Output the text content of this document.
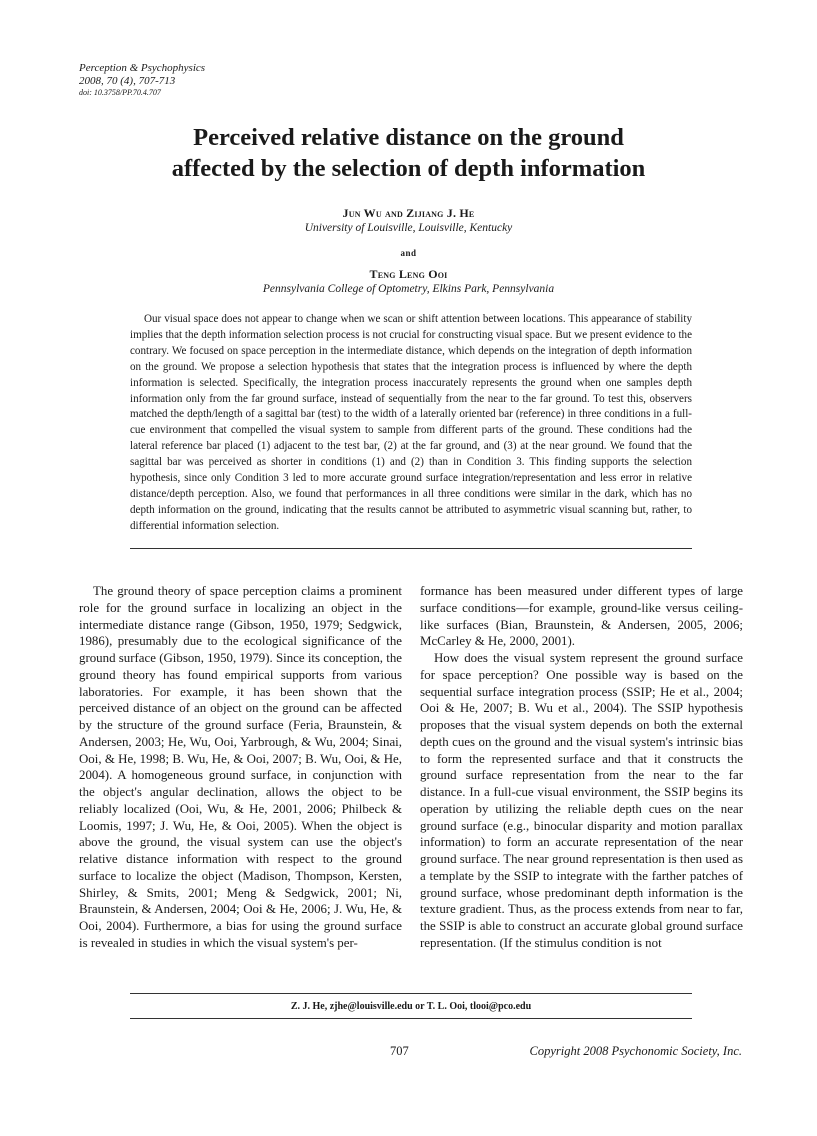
Perception & Psychophysics
2008, 70 (4), 707-713
doi: 10.3758/PP.70.4.707
Perceived relative distance on the ground
affected by the selection of depth information
Jun Wu and Zijiang J. He
University of Louisville, Louisville, Kentucky
and
Teng Leng Ooi
Pennsylvania College of Optometry, Elkins Park, Pennsylvania

Our visual space does not appear to change when we scan or shift attention between locations. This appearance of stability implies that the depth information selection process is not crucial for constructing visual space. But we present evidence to the contrary. We focused on space perception in the intermediate distance, which depends on the integration of depth information on the ground. We propose a selection hypothesis that states that the integration process is influenced by where the depth information is selected. Specifically, the integration process inaccurately represents the ground when one samples depth information only from the far ground surface, instead of sequentially from the near to the far ground. To test this, observers matched the depth/length of a sagittal bar (test) to the width of a laterally oriented bar (reference) in three conditions in a full-cue environment that compelled the visual system to sample from different parts of the ground. These conditions had the lateral reference bar placed (1) adjacent to the test bar, (2) at the far ground, and (3) at the near ground. We found that the sagittal bar was perceived as shorter in conditions (1) and (2) than in Condition 3. This finding supports the selection hypothesis, since only Condition 3 led to more accurate ground surface integration/representation and less error in relative distance/depth perception. Also, we found that performances in all three conditions were similar in the dark, which has no depth information on the ground, indicating that the results cannot be attributed to asymmetric visual scanning but, rather, to differential information selection.

The ground theory of space perception claims a prominent role for the ground surface in localizing an object in the intermediate distance range (Gibson, 1950, 1979; Sedgwick, 1986), presumably due to the ecological significance of the ground surface (Gibson, 1950, 1979). Since its conception, the ground theory has found empirical supports from various laboratories. For example, it has been shown that the perceived distance of an object on the ground can be affected by the structure of the ground surface (Feria, Braunstein, & Andersen, 2003; He, Wu, Ooi, Yarbrough, & Wu, 2004; Sinai, Ooi, & He, 1998; B. Wu, He, & Ooi, 2007; B. Wu, Ooi, & He, 2004). A homogeneous ground surface, in conjunction with the object's angular declination, allows the object to be reliably localized (Ooi, Wu, & He, 2001, 2006; Philbeck & Loomis, 1997; J. Wu, He, & Ooi, 2005). When the object is above the ground, the visual system can use the object's relative distance information with respect to the ground surface to localize the object (Madison, Thompson, Kersten, Shirley, & Smits, 2001; Meng & Sedgwick, 2001; Ni, Braunstein, & Andersen, 2004; Ooi & He, 2006; J. Wu, He, & Ooi, 2004). Furthermore, a bias for using the ground surface is revealed in studies in which the visual system's per-

formance has been measured under different types of large surface conditions—for example, ground-like versus ceiling-like surfaces (Bian, Braunstein, & Andersen, 2005, 2006; McCarley & He, 2000, 2001).

How does the visual system represent the ground surface for space perception? One possible way is based on the sequential surface integration process (SSIP; He et al., 2004; Ooi & He, 2007; B. Wu et al., 2004). The SSIP hypothesis proposes that the visual system depends on both the external depth cues on the ground and the visual system's intrinsic bias to form the represented surface and that it constructs the ground surface representation from the near to the far distance. In a full-cue visual environment, the SSIP begins its operation by utilizing the reliable depth cues on the near ground surface (e.g., binocular disparity and motion parallax information) to form an accurate representation of the near ground surface. The near ground representation is then used as a template by the SSIP to integrate with the farther patches of ground surface, whose predominant depth information is the texture gradient. Thus, as the process extends from near to far, the SSIP is able to construct an accurate global ground surface representation. (If the stimulus condition is not

Z. J. He, zjhe@louisville.edu or T. L. Ooi, tlooi@pco.edu
707	Copyright 2008 Psychonomic Society, Inc.
